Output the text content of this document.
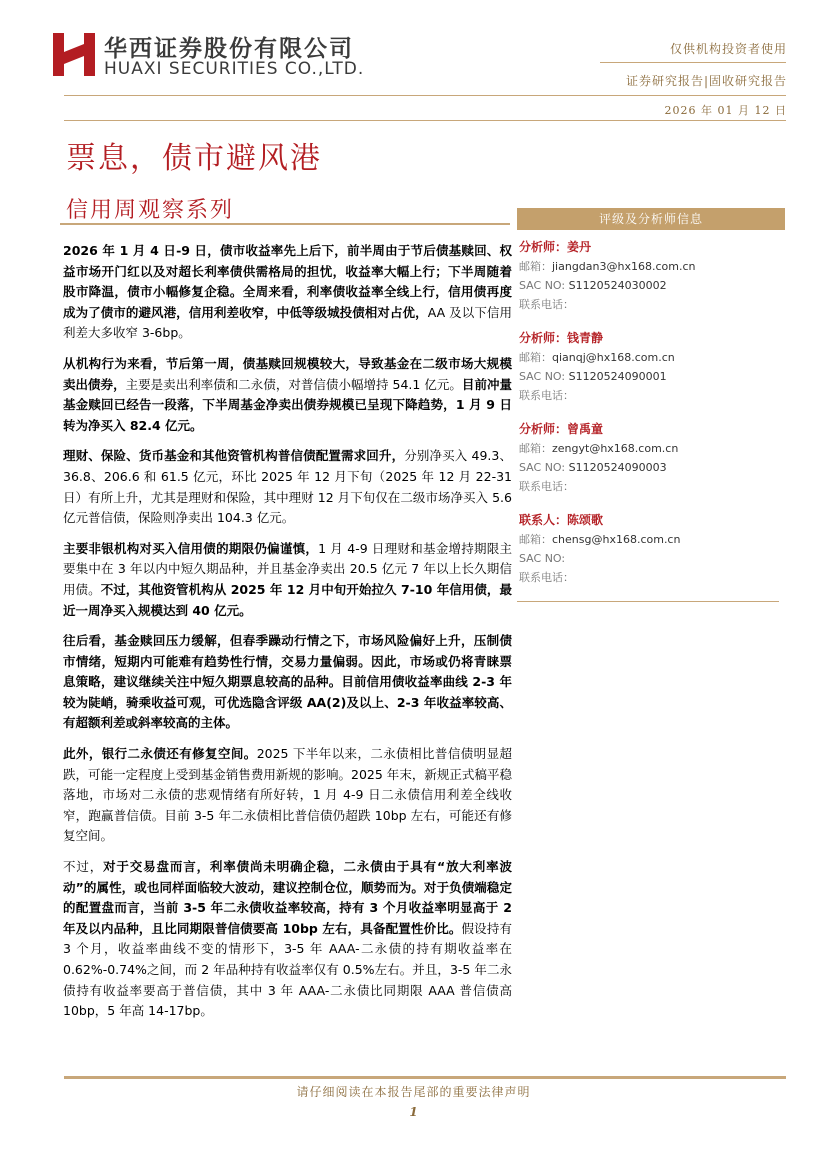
华西证券股份有限公司
HUAXI SECURITIES CO.,LTD.
仅供机构投资者使用
证券研究报告|固收研究报告
2026 年 01 月 12 日
票息，债市避风港
信用周观察系列

2026 年 1 月 4 日-9 日，债市收益率先上后下，前半周由于节后债基赎回、权益市场开门红以及对超长利率债供需格局的担忧，收益率大幅上行；下半周随着股市降温，债市小幅修复企稳。全周来看，利率债收益率全线上行，信用债再度成为了债市的避风港，信用利差收窄，中低等级城投债相对占优，AA 及以下信用利差大多收窄 3-6bp。

从机构行为来看，节后第一周，债基赎回规模较大，导致基金在二级市场大规模卖出债券，主要是卖出利率债和二永债，对普信债小幅增持 54.1 亿元。目前冲量基金赎回已经告一段落，下半周基金净卖出债券规模已呈现下降趋势，1 月 9 日转为净买入 82.4 亿元。

理财、保险、货币基金和其他资管机构普信债配置需求回升，分别净买入 49.3、36.8、206.6 和 61.5 亿元，环比 2025 年 12 月下旬（2025 年 12 月 22-31 日）有所上升，尤其是理财和保险，其中理财 12 月下旬仅在二级市场净买入 5.6 亿元普信债，保险则净卖出 104.3 亿元。

主要非银机构对买入信用债的期限仍偏谨慎，1 月 4-9 日理财和基金增持期限主要集中在 3 年以内中短久期品种，并且基金净卖出 20.5 亿元 7 年以上长久期信用债。不过，其他资管机构从 2025 年 12 月中旬开始拉久 7-10 年信用债，最近一周净买入规模达到 40 亿元。

往后看，基金赎回压力缓解，但春季躁动行情之下，市场风险偏好上升，压制债市情绪，短期内可能难有趋势性行情，交易力量偏弱。因此，市场或仍将青睐票息策略，建议继续关注中短久期票息较高的品种。目前信用债收益率曲线 2-3 年较为陡峭，骑乘收益可观，可优选隐含评级 AA(2)及以上、2-3 年收益率较高、有超额利差或斜率较高的主体。

此外，银行二永债还有修复空间。2025 下半年以来，二永债相比普信债明显超跌，可能一定程度上受到基金销售费用新规的影响。2025 年末，新规正式稿平稳落地，市场对二永债的悲观情绪有所好转，1 月 4-9 日二永债信用利差全线收窄，跑赢普信债。目前 3-5 年二永债相比普信债仍超跌 10bp 左右，可能还有修复空间。

不过，对于交易盘而言，利率债尚未明确企稳，二永债由于具有“放大利率波动”的属性，或也同样面临较大波动，建议控制仓位，顺势而为。对于负债端稳定的配置盘而言，当前 3-5 年二永债收益率较高，持有 3 个月收益率明显高于 2 年及以内品种，且比同期限普信债要高 10bp 左右，具备配置性价比。假设持有 3 个月，收益率曲线不变的情形下，3-5 年 AAA-二永债的持有期收益率在 0.62%-0.74%之间，而 2 年品种持有收益率仅有 0.5%左右。并且，3-5 年二永债持有收益率要高于普信债，其中 3 年 AAA-二永债比同期限 AAA 普信债高 10bp，5 年高 14-17bp。

评级及分析师信息
分析师：姜丹
邮箱：jiangdan3@hx168.com.cn
SAC NO: S1120524030002
联系电话：
分析师：钱青静
邮箱：qianqj@hx168.com.cn
SAC NO: S1120524090001
联系电话：
分析师：曾禹童
邮箱：zengyt@hx168.com.cn
SAC NO: S1120524090003
联系电话：
联系人：陈颂歌
邮箱：chensg@hx168.com.cn
SAC NO:
联系电话：
请仔细阅读在本报告尾部的重要法律声明
1
